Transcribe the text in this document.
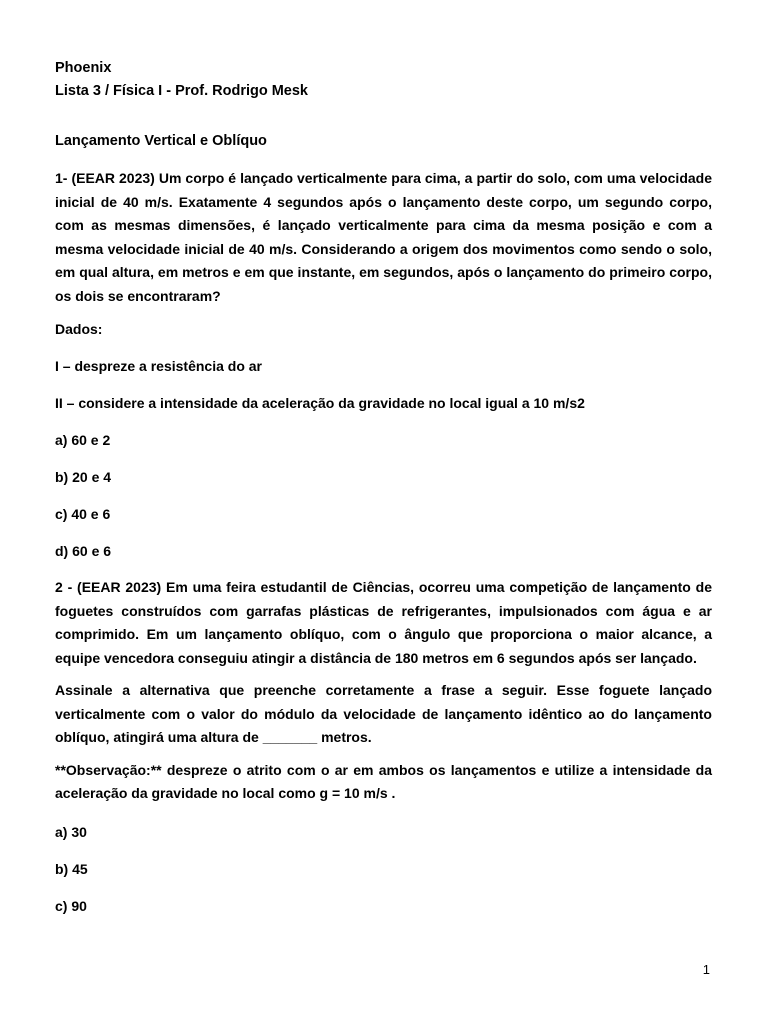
Phoenix

Lista 3 / Física I - Prof. Rodrigo Mesk

Lançamento Vertical e Oblíquo

1- (EEAR 2023) Um corpo é lançado verticalmente para cima, a partir do solo, com uma velocidade inicial de 40 m/s. Exatamente 4 segundos após o lançamento deste corpo, um segundo corpo, com as mesmas dimensões, é lançado verticalmente para cima da mesma posição e com a mesma velocidade inicial de 40 m/s. Considerando a origem dos movimentos como sendo o solo, em qual altura, em metros e em que instante, em segundos, após o lançamento do primeiro corpo, os dois se encontraram?

Dados:

I – despreze a resistência do ar

II – considere a intensidade da aceleração da gravidade no local igual a 10 m/s2

a) 60 e 2

b) 20 e 4

c) 40 e 6

d) 60 e 6

2 - (EEAR 2023) Em uma feira estudantil de Ciências, ocorreu uma competição de lançamento de foguetes construídos com garrafas plásticas de refrigerantes, impulsionados com água e ar comprimido. Em um lançamento oblíquo, com o ângulo que proporciona o maior alcance, a equipe vencedora conseguiu atingir a distância de 180 metros em 6 segundos após ser lançado.

Assinale a alternativa que preenche corretamente a frase a seguir. Esse foguete lançado verticalmente com o valor do módulo da velocidade de lançamento idêntico ao do lançamento oblíquo, atingirá uma altura de _______ metros.

**Observação:** despreze o atrito com o ar em ambos os lançamentos e utilize a intensidade da aceleração da gravidade no local como g = 10 m/s .

a) 30

b) 45

c) 90

1
